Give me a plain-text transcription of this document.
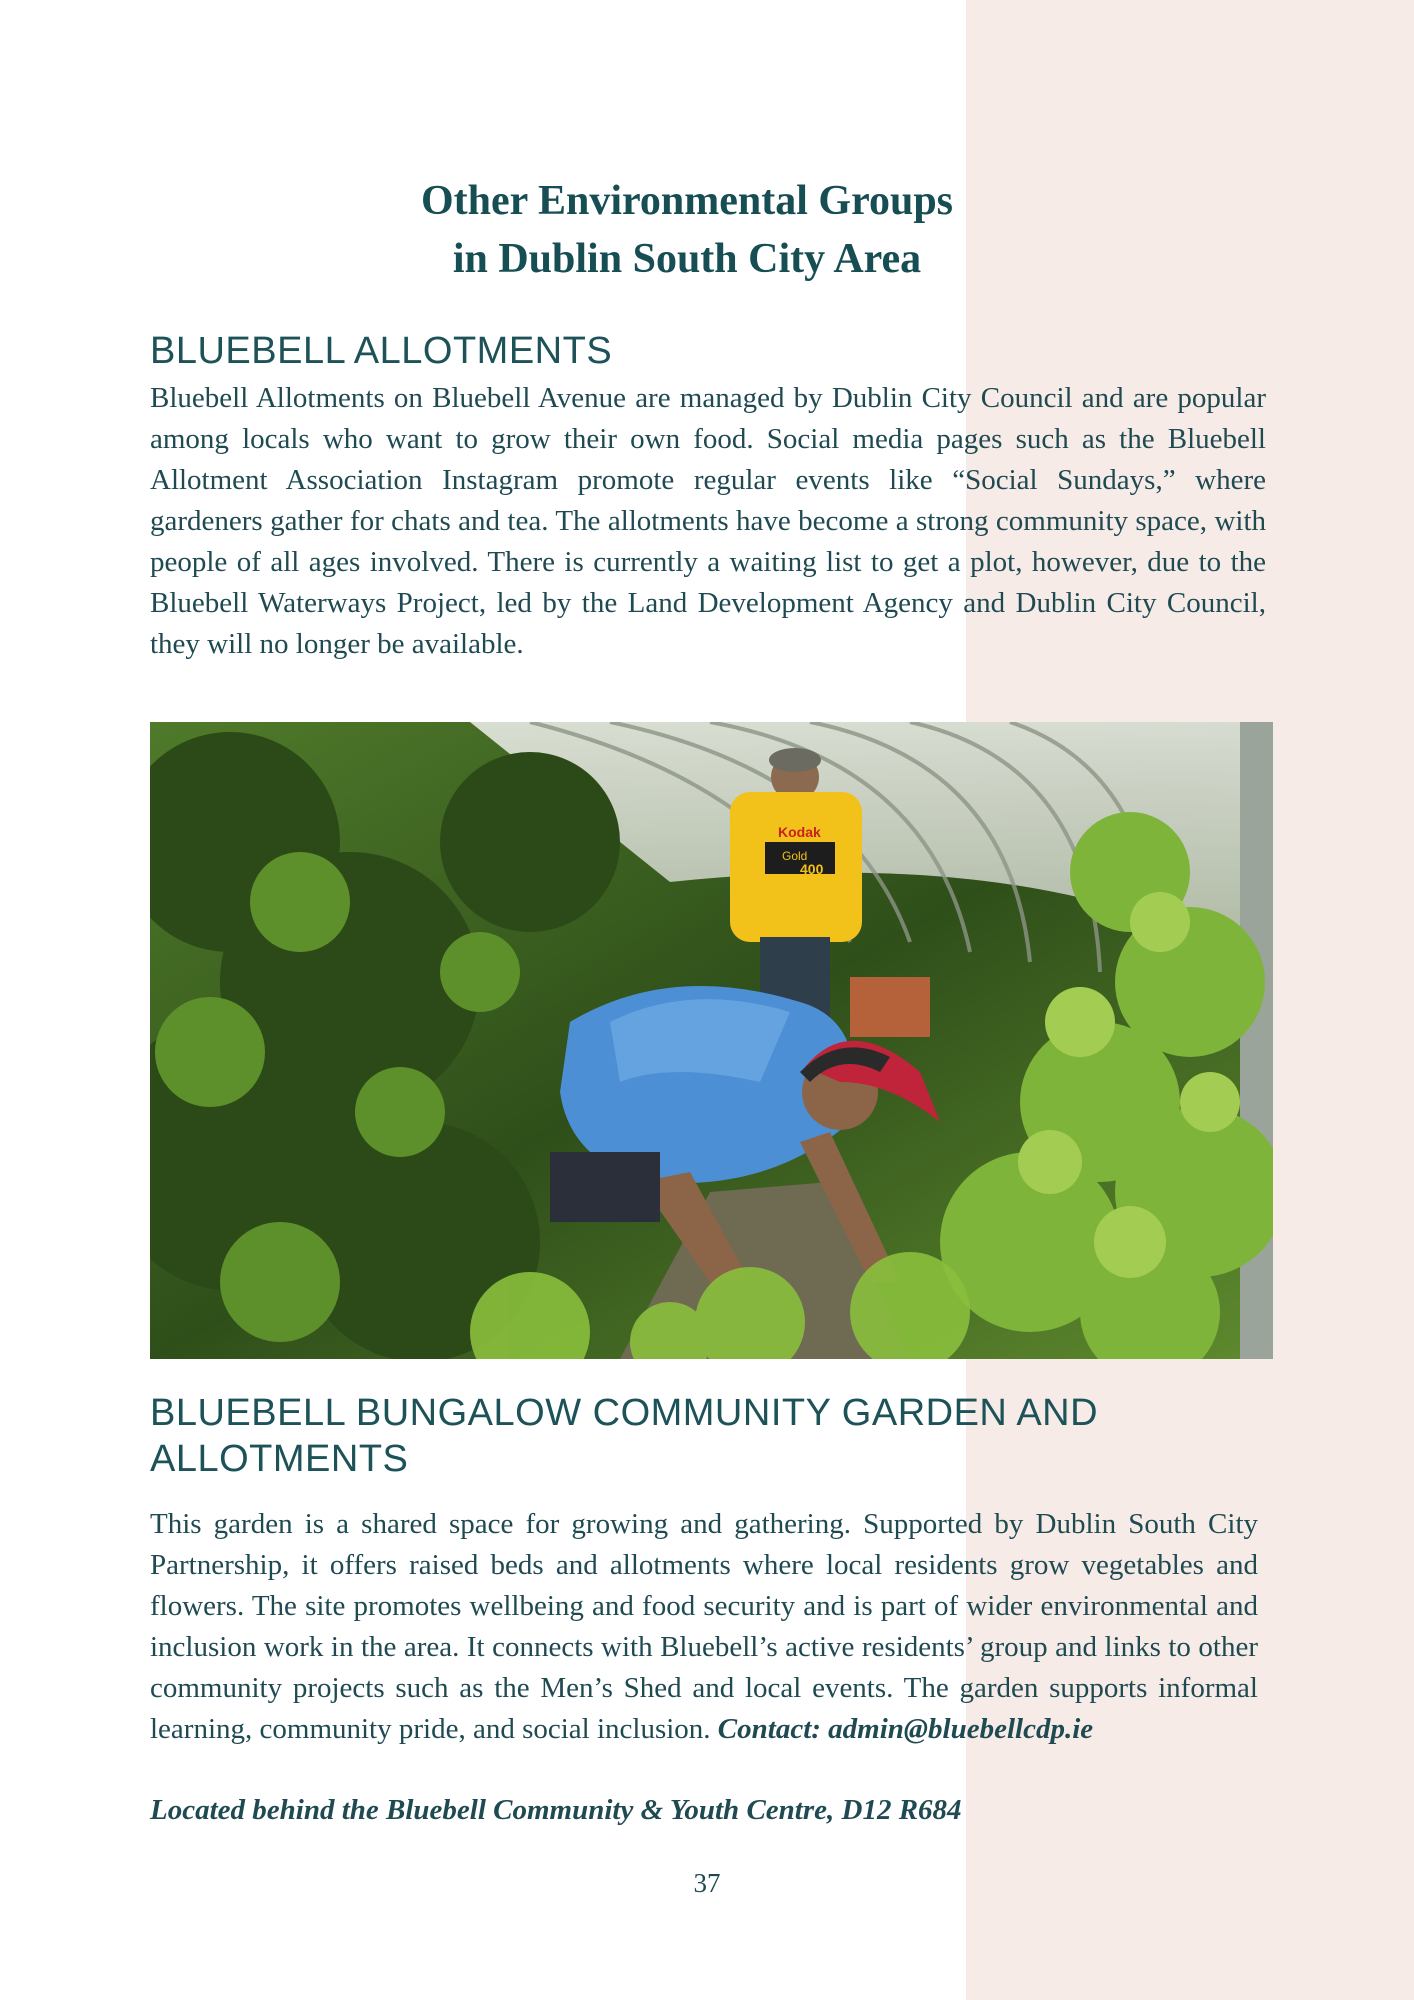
Other Environmental Groups
in Dublin South City Area
BLUEBELL ALLOTMENTS

Bluebell Allotments on Bluebell Avenue are managed by Dublin City Council and are popular among locals who want to grow their own food. Social media pages such as the Bluebell Allotment Association Instagram promote regular events like “Social Sundays,” where gardeners gather for chats and tea. The allotments have become a strong community space, with people of all ages involved. There is currently a waiting list to get a plot, however, due to the Bluebell Waterways Project, led by the Land Development Agency and Dublin City Council, they will no longer be available.

Kodak
Gold
400
BLUEBELL BUNGALOW COMMUNITY GARDEN AND ALLOTMENTS

This garden is a shared space for growing and gathering. Supported by Dublin South City Partnership, it offers raised beds and allotments where local residents grow vegetables and flowers. The site promotes wellbeing and food security and is part of wider environmental and inclusion work in the area. It connects with Bluebell’s active residents’ group and links to other community projects such as the Men’s Shed and local events. The garden supports informal learning, community pride, and social inclusion. Contact: admin@bluebellcdp.ie

Located behind the Bluebell Community & Youth Centre, D12 R684

37
